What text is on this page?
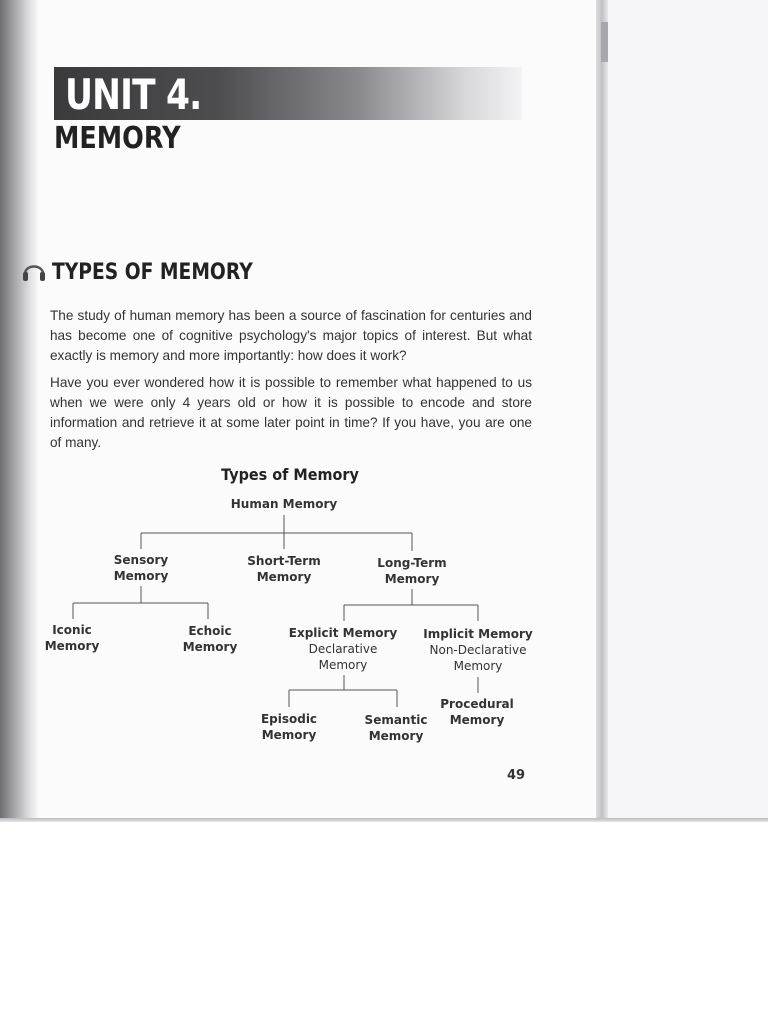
UNIT 4.
MEMORY
TYPES OF MEMORY

The study of human memory has been a source of fascination for centuries and has become one of cognitive psychology's major topics of interest. But what exactly is memory and more importantly: how does it work?

Have you ever wondered how it is possible to remember what happened to us when we were only 4 years old or how it is possible to encode and store information and retrieve it at some later point in time? If you have, you are one of many.

Types of Memory
Human Memory
Sensory
Memory
Short-Term
Memory
Long-Term
Memory
Iconic
Memory
Echoic
Memory
Explicit Memory
Declarative
Memory
Implicit Memory
Non-Declarative
Memory
Episodic
Memory
Semantic
Memory
Procedural
Memory

49
